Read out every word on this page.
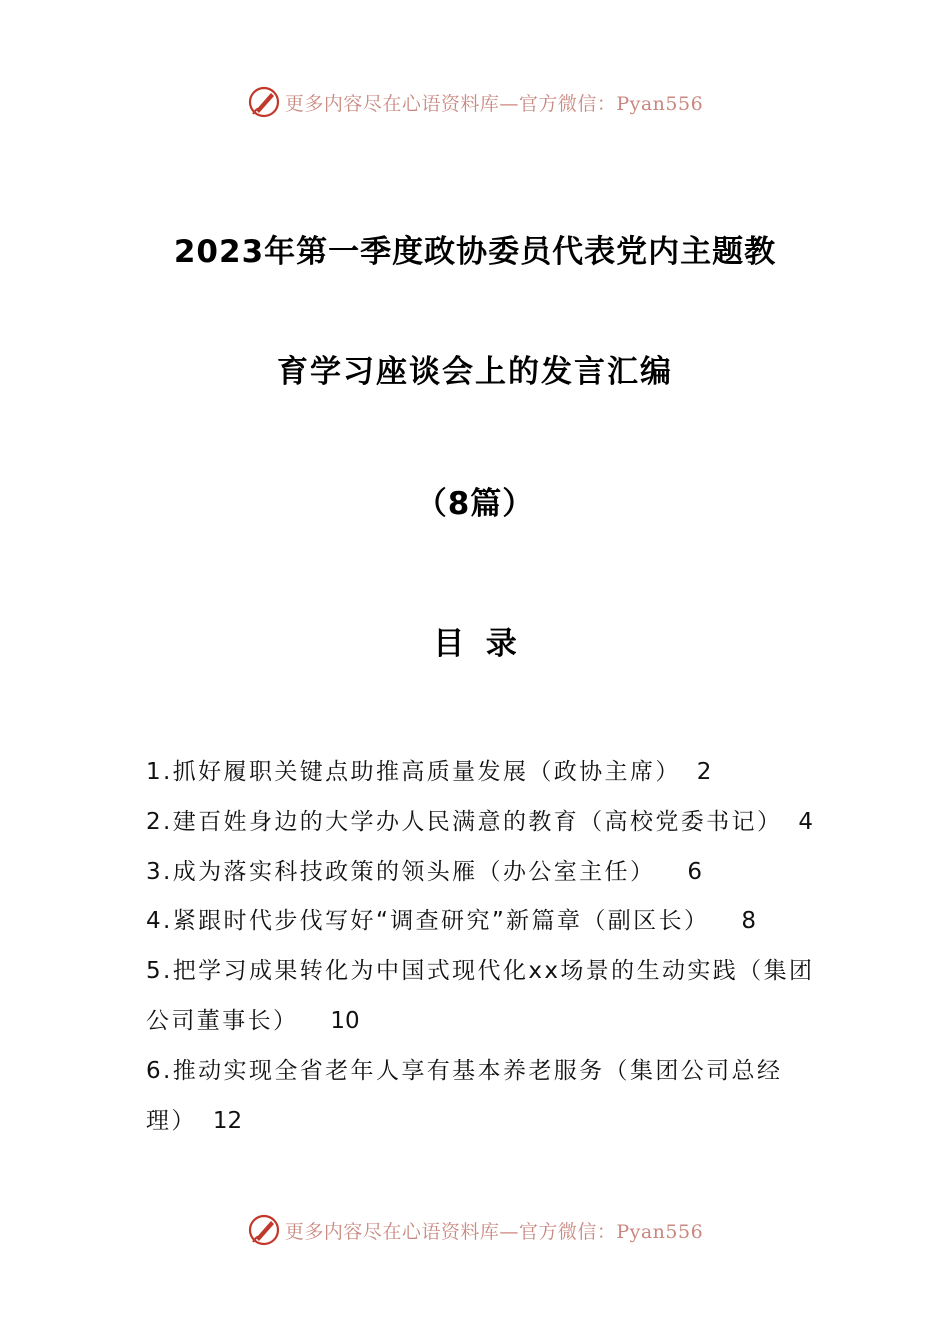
更多内容尽在心语资料库—官方微信：Pyan556
2023年第一季度政协委员代表党内主题教
育学习座谈会上的发言汇编
（8篇）
目  录
1.抓好履职关键点助推高质量发展（政协主席） 2
2.建百姓身边的大学办人民满意的教育（高校党委书记） 4
3.成为落实科技政策的领头雁（办公室主任） 6
4.紧跟时代步伐写好“调查研究”新篇章（副区长） 8
5.把学习成果转化为中国式现代化xx场景的生动实践（集团公司董事长） 10
6.推动实现全省老年人享有基本养老服务（集团公司总经理） 12
更多内容尽在心语资料库—官方微信：Pyan556
